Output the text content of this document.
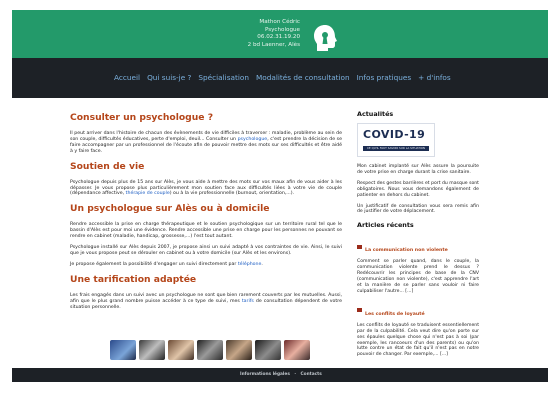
Mathon Cédric
Psychologue
06.02.31.19.20
2 bd Laenner, Alès
Accueil Qui suis-je ? Spécialisation Modalités de consultation Infos pratiques + d'infos
Consulter un psychologue ?

Il peut arriver dans l'histoire de chacun des évènements de vie difficiles à traverser : maladie, problème au sein de son couple, difficultés éducatives, perte d'emploi, deuil... Consulter un psychologue, c'est prendre la décision de se faire accompagner par un professionnel de l'écoute afin de pouvoir mettre des mots sur ses difficultés et être aidé à y faire face.

Soutien de vie

Psychologue depuis plus de 15 ans sur Alès, je vous aide à mettre des mots sur vos maux afin de vous aider à les dépasser. Je vous propose plus particulièrement mon soutien face aux difficultés liées à votre vie de couple (dépendance affective, thérapie de couple) ou à la vie professionnelle (burnout, orientation,...).

Un psychologue sur Alès ou à domicile

Rendre accessible la prise en charge thérapeutique et le soutien psychologique sur un territoire rural tel que le bassin d'Alès est pour moi une évidence. Rendre accessible une prise en charge pour les personnes ne pouvant se rendre en cabinet (maladie, handicap, grossesse,...) l'est tout autant.

Psychologue installé sur Alès depuis 2007, je propose ainsi un suivi adapté à vos contraintes de vie. Ainsi, le suivi que je vous propose peut se dérouler en cabinet ou à votre domicile (sur Alès et les environs).

Je propose également la possibilité d'engager un suivi directement par téléphone.

Une tarification adaptée

Les frais engagés dans un suivi avec un psychologue ne sont que bien rarement couverts par les mutuelles. Aussi, afin que le plus grand nombre puisse accéder à ce type de suivi, mes tarifs de consultation dépendent de votre situation personnelle.

Actualités
COVID-19
CE QU'IL FAUT SAVOIR SUR LA SITUATION

Mon cabinet implanté sur Alès assure la poursuite de votre prise en charge durant la crise sanitaire.

Respect des gestes barrières et port du masque sont obligatoires. Nous vous demandons également de patienter en dehors du cabinet.

Un justificatif de consultation vous sera remis afin de justifier de votre déplacement.

Articles récents
La communication non violente

Comment se parler quand, dans le couple, la communication violente prend le dessus ? Redécouvrir les principes de base de la CNV (communication non violente), c'est apprendre l'art et la manière de se parler sans vouloir ni faire culpabiliser l'autre... [...]

Les conflits de loyauté

Les conflits de loyauté se traduisent essentiellement par de la culpabilité. Cela veut dire qu'on porte sur ses épaules quelque chose qui n'est pas à soi (par exemple, les rancoeurs d'un des parents) ou qu'on lutte contre un état de fait qu'il n'est pas en notre pouvoir de changer. Par exemple,... [...]

Informations légales · Contacts
